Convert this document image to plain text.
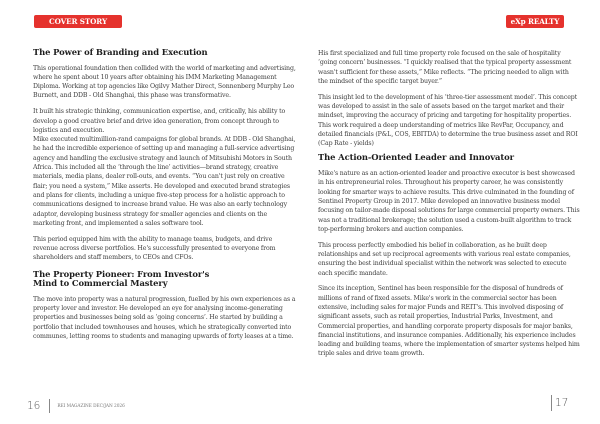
COVER STORY
The Power of Branding and Execution

This operational foundation then collided with the world of marketing and advertising, where he spent about 10 years after obtaining his IMM Marketing Management Diploma. Working at top agencies like Ogilvy Mather Direct, Sonnenberg Murphy Leo Burnett, and DDB - Old Shanghai, this phase was transformative.

It built his strategic thinking, communication expertise, and, critically, his ability to develop a good creative brief and drive idea generation, from concept through to logistics and execution.

Mike executed multimillion-rand campaigns for global brands. At DDB - Old Shanghai, he had the incredible experience of setting up and managing a full-service advertising agency and handling the exclusive strategy and launch of Mitsubishi Motors in South Africa. This included all the ‘through the line’ activities—brand strategy, creative materials, media plans, dealer roll-outs, and events. “You can't just rely on creative flair; you need a system,” Mike asserts. He developed and executed brand strategies and plans for clients, including a unique five-step process for a holistic approach to communications designed to increase brand value. He was also an early technology adaptor, developing business strategy for smaller agencies and clients on the marketing front, and implemented a sales software tool.

This period equipped him with the ability to manage teams, budgets, and drive revenue across diverse portfolios. He's successfully presented to everyone from shareholders and staff members, to CEOs and CFOs.

The Property Pioneer: From Investor's
Mind to Commercial Mastery

The move into property was a natural progression, fuelled by his own experiences as a property lover and investor. He developed an eye for analysing income-generating properties and businesses being sold as ‘going concerns’. He started by building a portfolio that included townhouses and houses, which he strategically converted into communes, letting rooms to students and managing upwards of forty leases at a time.

16	REI MAGAZINE DEC/JAN 2026
eXp REALTY

His first specialized and full time property role focused on the sale of hospitality ‘going concern’ businesses. “I quickly realised that the typical property assessment wasn't sufficient for these assets,” Mike reflects. “The pricing needed to align with the mindset of the specific target buyer.”

This insight led to the development of his ‘three-tier assessment model’. This concept was developed to assist in the sale of assets based on the target market and their mindset, improving the accuracy of pricing and targeting for hospitality properties. This work required a deep understanding of metrics like RevPar, Occupancy, and detailed financials (P&L, COS, EBITDA) to determine the true business asset and ROI (Cap Rate - yields)

The Action-Oriented Leader and Innovator

Mike's nature as an action-oriented leader and proactive executor is best showcased in his entrepreneurial roles. Throughout his property career, he was consistently looking for smarter ways to achieve results. This drive culminated in the founding of Sentinel Property Group in 2017. Mike developed an innovative business model focusing on tailor-made disposal solutions for large commercial property owners. This was not a traditional brokerage; the solution used a custom-built algorithm to track top-performing brokers and auction companies.

This process perfectly embodied his belief in collaboration, as he built deep relationships and set up reciprocal agreements with various real estate companies, ensuring the best individual specialist within the network was selected to execute each specific mandate.

Since its inception, Sentinel has been responsible for the disposal of hundreds of millions of rand of fixed assets. Mike's work in the commercial sector has been extensive, including sales for major Funds and REIT's. This involved disposing of significant assets, such as retail properties, Industrial Parks, Investment, and Commercial properties, and handling corporate property disposals for major banks, financial institutions, and insurance companies. Additionally, his experience includes leading and building teams, where the implementation of smarter systems helped him triple sales and drive team growth.

17
